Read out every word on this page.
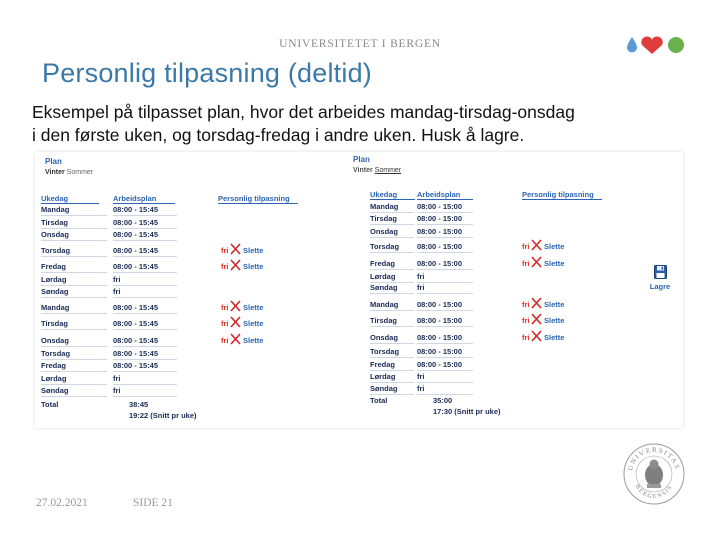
UNIVERSITETET I BERGEN
Personlig tilpasning (deltid)
Eksempel på tilpasset plan, hvor det arbeides mandag-tirsdag-onsdag
i den første uken, og torsdag-fredag i andre uken. Husk å lagre.
Plan
Vinter Sommer
Ukedag	Arbeidsplan	Personlig tilpasning
Mandag	08:00 - 15:45
Tirsdag	08:00 - 15:45
Onsdag	08:00 - 15:45
Torsdag	08:00 - 15:45	fri Slette
Fredag	08:00 - 15:45	fri Slette
Lørdag	fri
Søndag	fri
Mandag	08:00 - 15:45	fri Slette
Tirsdag	08:00 - 15:45	fri Slette
Onsdag	08:00 - 15:45	fri Slette
Torsdag	08:00 - 15:45
Fredag	08:00 - 15:45
Lørdag	fri
Søndag	fri
Total	38:45
19:22 (Snitt pr uke)
Plan
Vinter Sommer
Ukedag	Arbeidsplan	Personlig tilpasning
Mandag 08:00 - 15:00
Tirsdag	08:00 - 15:00
Onsdag	08:00 - 15:00
Torsdag 08:00 - 15:00	fri Slette
Fredag	08:00 - 15:00	fri Slette
Lørdag	fri
Søndag	fri
Mandag 08:00 - 15:00	fri Slette
Tirsdag	08:00 - 15:00	fri Slette
Onsdag	08:00 - 15:00	fri Slette
Torsdag 08:00 - 15:00
Fredag	08:00 - 15:00
Lørdag	fri
Søndag	fri
Total	35:00
17:30 (Snitt pr uke)
Lagre
27.02.2021	SIDE 21
UNIVERSITAS
BERGENSIS
